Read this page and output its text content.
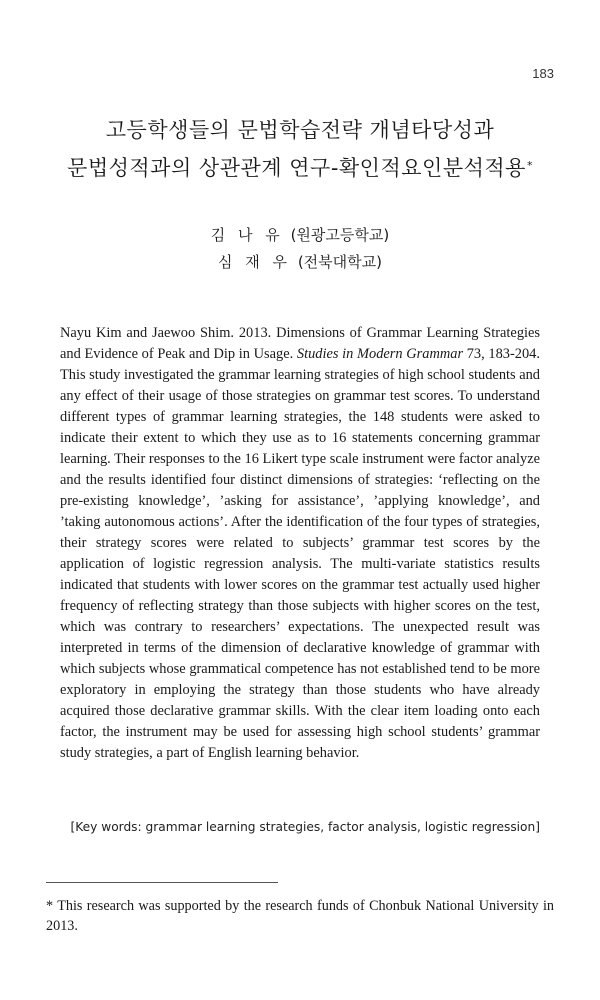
183
고등학생들의 문법학습전략 개념타당성과
문법성적과의 상관관계 연구-확인적요인분석적용*
김 나 유 (원광고등학교)
심 재 우 (전북대학교)

Nayu Kim and Jaewoo Shim. 2013. Dimensions of Grammar Learning Strategies and Evidence of Peak and Dip in Usage. Studies in Modern Grammar 73, 183-204. This study investigated the grammar learning strategies of high school students and any effect of their usage of those strategies on grammar test scores. To understand different types of grammar learning strategies, the 148 students were asked to indicate their extent to which they use as to 16 statements concerning grammar learning. Their responses to the 16 Likert type scale instrument were factor analyze and the results identified four distinct dimensions of strategies: ‘reflecting on the pre-existing knowledge’, ’asking for assistance’, ’applying knowledge’, and ’taking autonomous actions’. After the identification of the four types of strategies, their strategy scores were related to subjects’ grammar test scores by the application of logistic regression analysis. The multi-variate statistics results indicated that students with lower scores on the grammar test actually used higher frequency of reflecting strategy than those subjects with higher scores on the test, which was contrary to researchers’ expectations. The unexpected result was interpreted in terms of the dimension of declarative knowledge of grammar with which subjects whose grammatical competence has not established tend to be more exploratory in employing the strategy than those students who have already acquired those declarative grammar skills. With the clear item loading onto each factor, the instrument may be used for assessing high school students’ grammar study strategies, a part of English learning behavior.

[Key words: grammar learning strategies, factor analysis, logistic regression]

* This research was supported by the research funds of Chonbuk National University in 2013.
